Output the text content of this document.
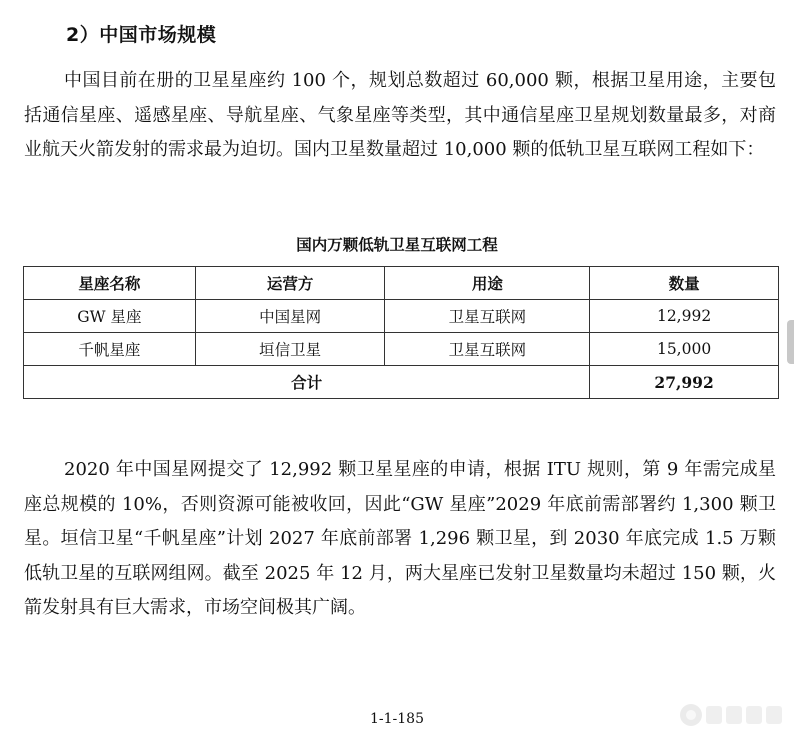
2）中国市场规模

中国目前在册的卫星星座约 100 个，规划总数超过 60,000 颗，根据卫星用途，主要包括通信星座、遥感星座、导航星座、气象星座等类型，其中通信星座卫星规划数量最多，对商业航天火箭发射的需求最为迫切。国内卫星数量超过 10,000 颗的低轨卫星互联网工程如下：

国内万颗低轨卫星互联网工程
星座名称	运营方	用途	数量
GW 星座	中国星网	卫星互联网	12,992
千帆星座	垣信卫星	卫星互联网	15,000
合计			27,992

2020 年中国星网提交了 12,992 颗卫星星座的申请，根据 ITU 规则，第 9 年需完成星座总规模的 10%，否则资源可能被收回，因此“GW 星座”2029 年底前需部署约 1,300 颗卫星。垣信卫星“千帆星座”计划 2027 年底前部署 1,296 颗卫星，到 2030 年底完成 1.5 万颗低轨卫星的互联网组网。截至 2025 年 12 月，两大星座已发射卫星数量均未超过 150 颗，火箭发射具有巨大需求，市场空间极其广阔。

1-1-185
